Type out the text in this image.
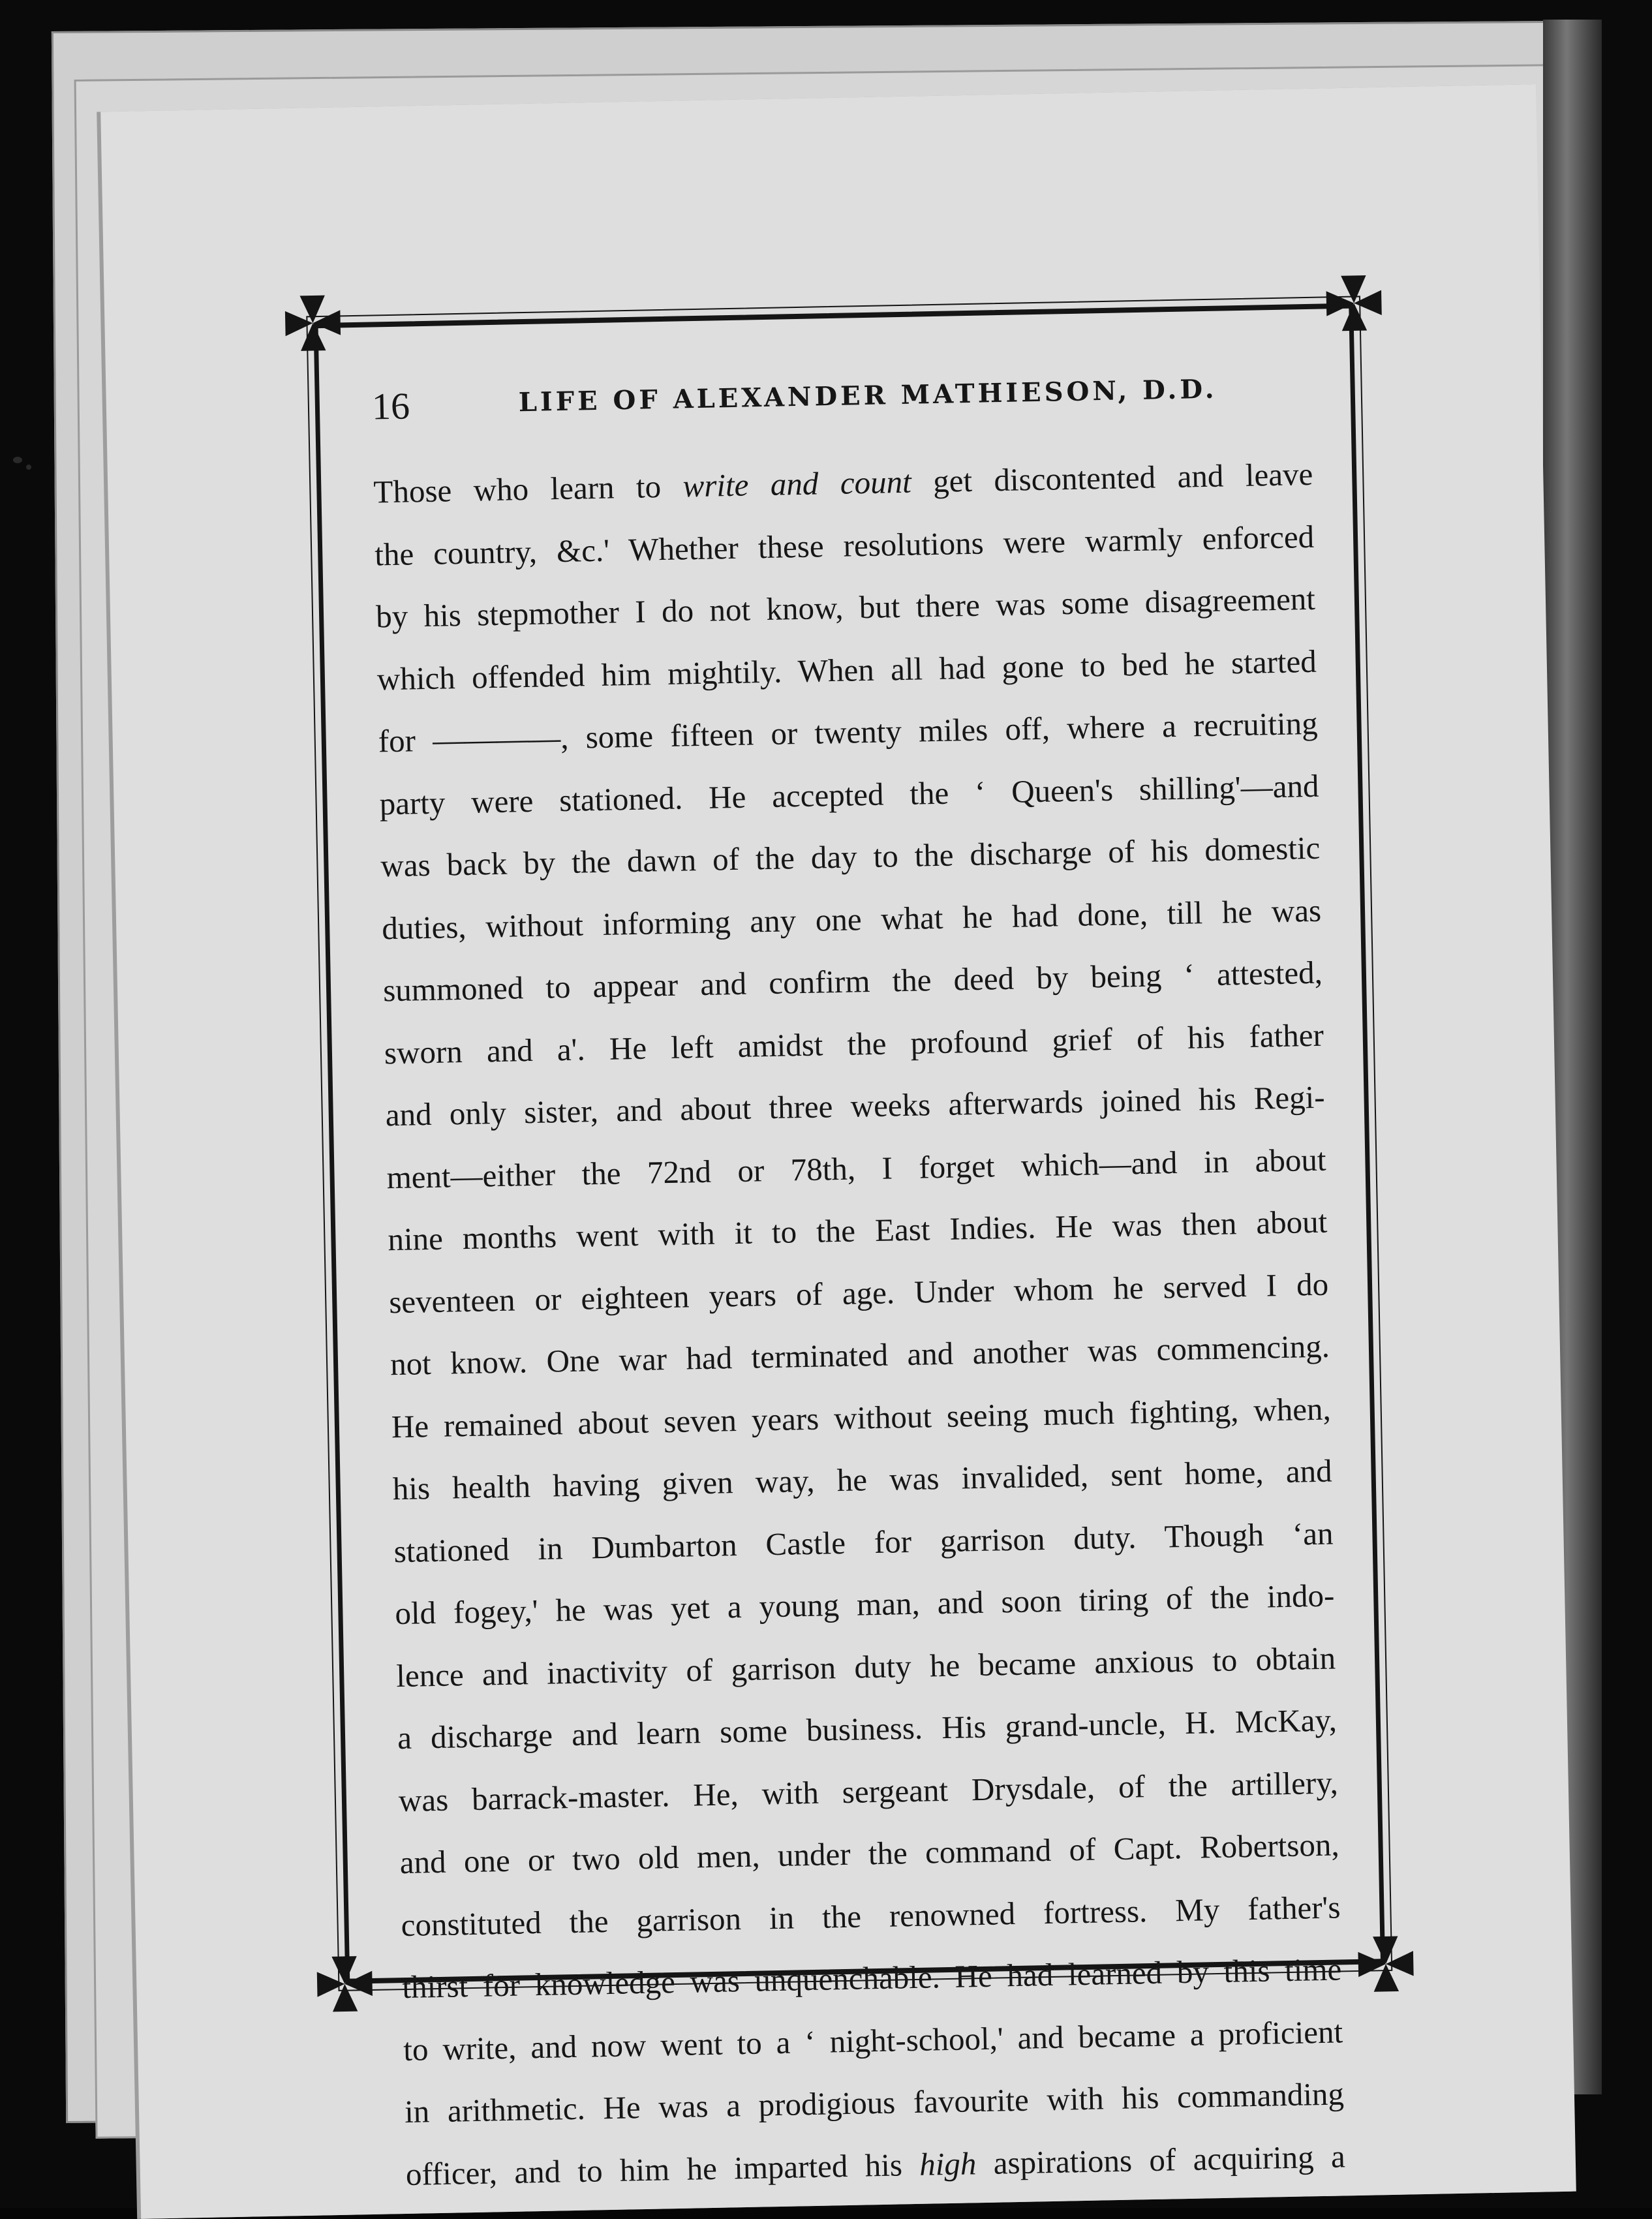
16	LIFE OF ALEXANDER MATHIESON, D.D.
Those who learn to write and count get discontented and leave
the country, &c.' Whether these resolutions were warmly enforced
by his stepmother I do not know, but there was some disagreement
which offended him mightily. When all had gone to bed he started
for ————, some fifteen or twenty miles off, where a recruiting
party were stationed. He accepted the ‘ Queen's shilling'—and
was back by the dawn of the day to the discharge of his domestic
duties, without informing any one what he had done, till he was
summoned to appear and confirm the deed by being ‘ attested,
sworn and a'. He left amidst the profound grief of his father
and only sister, and about three weeks afterwards joined his Regi-
ment—either the 72nd or 78th, I forget which—and in about
nine months went with it to the East Indies. He was then about
seventeen or eighteen years of age. Under whom he served I do
not know. One war had terminated and another was commencing.
He remained about seven years without seeing much fighting, when,
his health having given way, he was invalided, sent home, and
stationed in Dumbarton Castle for garrison duty. Though ‘an
old fogey,' he was yet a young man, and soon tiring of the indo-
lence and inactivity of garrison duty he became anxious to obtain
a discharge and learn some business. His grand-uncle, H. McKay,
was barrack-master. He, with sergeant Drysdale, of the artillery,
and one or two old men, under the command of Capt. Robertson,
constituted the garrison in the renowned fortress. My father's
thirst for knowledge was unquenchable. He had learned by this time
to write, and now went to a ‘ night-school,' and became a proficient
in arithmetic. He was a prodigious favourite with his commanding
officer, and to him he imparted his high aspirations of acquiring a
